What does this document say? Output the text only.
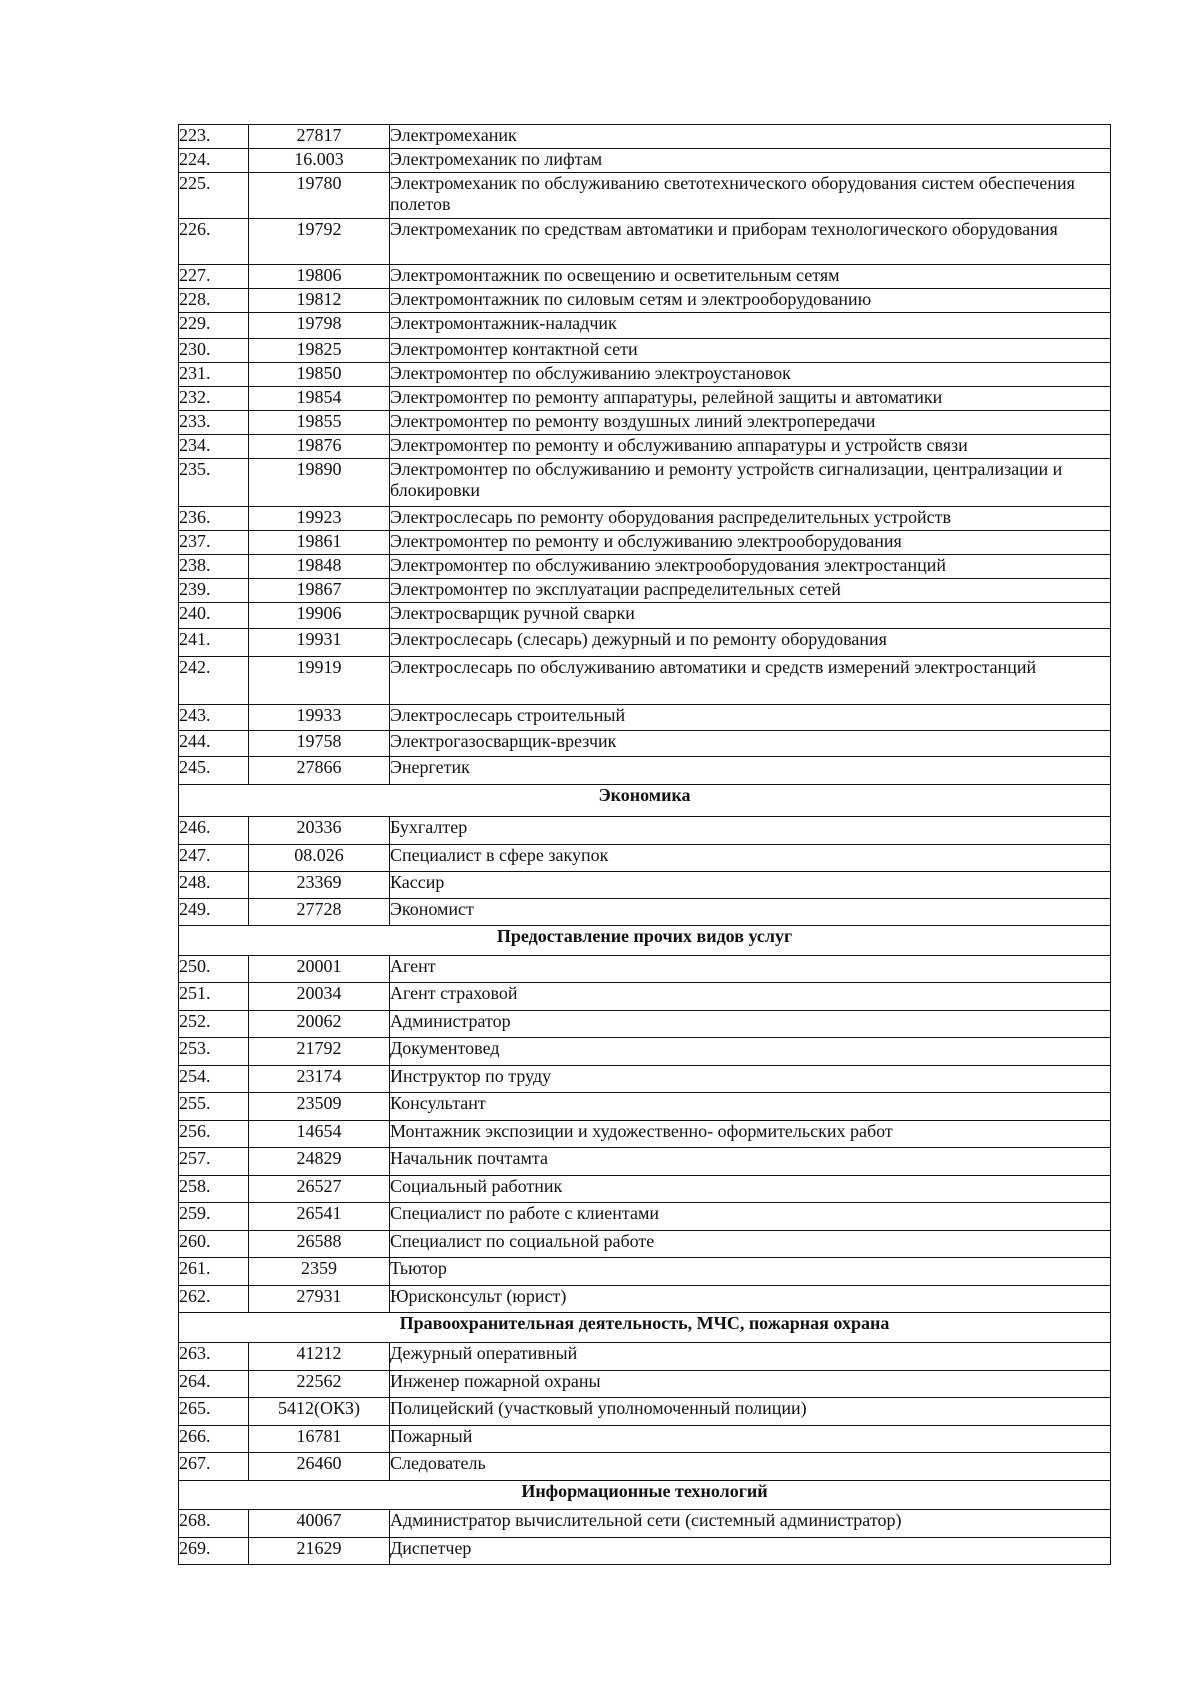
223.	27817	Электромеханик
224.	16.003	Электромеханик по лифтам
225.	19780	Электромеханик по обслуживанию светотехнического оборудования систем обеспечения полетов
226.	19792	Электромеханик по средствам автоматики и приборам технологического оборудования
227.	19806	Электромонтажник по освещению и осветительным сетям
228.	19812	Электромонтажник по силовым сетям и электрооборудованию
229.	19798	Электромонтажник-наладчик
230.	19825	Электромонтер контактной сети
231.	19850	Электромонтер по обслуживанию электроустановок
232.	19854	Электромонтер по ремонту аппаратуры, релейной защиты и автоматики
233.	19855	Электромонтер по ремонту воздушных линий электропередачи
234.	19876	Электромонтер по ремонту и обслуживанию аппаратуры и устройств связи
235.	19890	Электромонтер по обслуживанию и ремонту устройств сигнализации, централизации и блокировки
236.	19923	Электрослесарь по ремонту оборудования распределительных устройств
237.	19861	Электромонтер по ремонту и обслуживанию электрооборудования
238.	19848	Электромонтер по обслуживанию электрооборудования электростанций
239.	19867	Электромонтер по эксплуатации распределительных сетей
240.	19906	Электросварщик ручной сварки
241.	19931	Электрослесарь (слесарь) дежурный и по ремонту оборудования
242.	19919	Электрослесарь по обслуживанию автоматики и средств измерений электростанций
243.	19933	Электрослесарь строительный
244.	19758	Электрогазосварщик-врезчик
245.	27866	Энергетик
Экономика		
246.	20336	Бухгалтер
247.	08.026	Специалист в сфере закупок
248.	23369	Кассир
249.	27728	Экономист
Предоставление прочих видов услуг		
250.	20001	Агент
251.	20034	Агент страховой
252.	20062	Администратор
253.	21792	Документовед
254.	23174	Инструктор по труду
255.	23509	Консультант
256.	14654	Монтажник экспозиции и художественно- оформительских работ
257.	24829	Начальник почтамта
258.	26527	Социальный работник
259.	26541	Специалист по работе с клиентами
260.	26588	Специалист по социальной работе
261.	2359	Тьютор
262.	27931	Юрисконсульт (юрист)
Правоохранительная деятельность, МЧС, пожарная охрана		
263.	41212	Дежурный оперативный
264.	22562	Инженер пожарной охраны
265.	5412(ОКЗ)	Полицейский (участковый уполномоченный полиции)
266.	16781	Пожарный
267.	26460	Следователь
Информационные технологий		
268.	40067	Администратор вычислительной сети (системный администратор)
269.	21629	Диспетчер
